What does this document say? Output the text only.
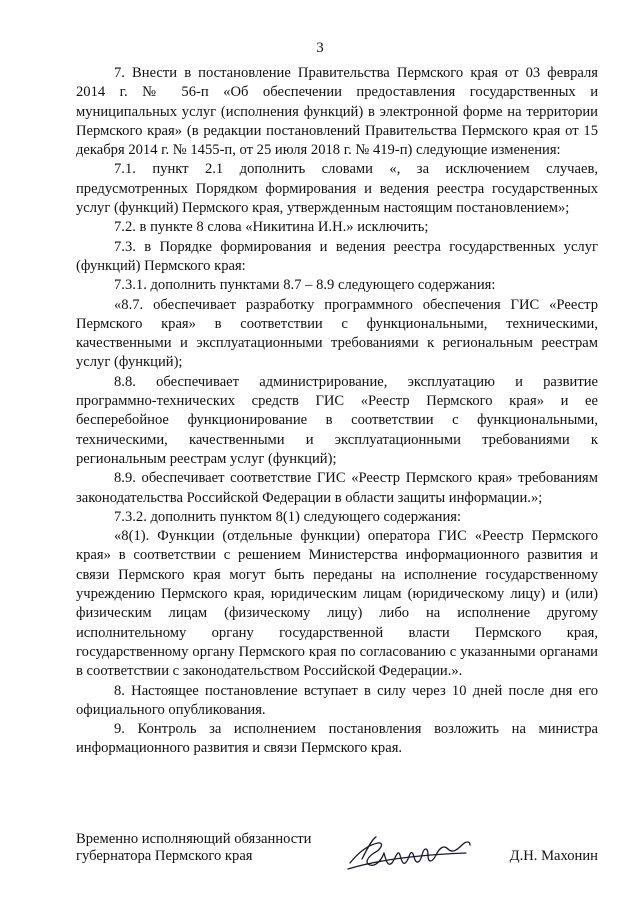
3

7. Внести в постановление Правительства Пермского края от 03 февраля 2014 г. № 56-п «Об обеспечении предоставления государственных и муниципальных услуг (исполнения функций) в электронной форме на территории Пермского края» (в редакции постановлений Правительства Пермского края от 15 декабря 2014 г. № 1455-п, от 25 июля 2018 г. № 419-п) следующие изменения:

7.1. пункт 2.1 дополнить словами «, за исключением случаев, предусмотренных Порядком формирования и ведения реестра государственных услуг (функций) Пермского края, утвержденным настоящим постановлением»;

7.2. в пункте 8 слова «Никитина И.Н.» исключить;

7.3. в Порядке формирования и ведения реестра государственных услуг (функций) Пермского края:

7.3.1. дополнить пунктами 8.7 – 8.9 следующего содержания:

«8.7. обеспечивает разработку программного обеспечения ГИС «Реестр Пермского края» в соответствии с функциональными, техническими, качественными и эксплуатационными требованиями к региональным реестрам услуг (функций);

8.8. обеспечивает администрирование, эксплуатацию и развитие программно-технических средств ГИС «Реестр Пермского края» и ее бесперебойное функционирование в соответствии с функциональными, техническими, качественными и эксплуатационными требованиями к региональным реестрам услуг (функций);

8.9. обеспечивает соответствие ГИС «Реестр Пермского края» требованиям законодательства Российской Федерации в области защиты информации.»;

7.3.2. дополнить пунктом 8(1) следующего содержания:

«8(1). Функции (отдельные функции) оператора ГИС «Реестр Пермского края» в соответствии с решением Министерства информационного развития и связи Пермского края могут быть переданы на исполнение государственному учреждению Пермского края, юридическим лицам (юридическому лицу) и (или) физическим лицам (физическому лицу) либо на исполнение другому исполнительному органу государственной власти Пермского края, государственному органу Пермского края по согласованию с указанными органами в соответствии с законодательством Российской Федерации.».

8. Настоящее постановление вступает в силу через 10 дней после дня его официального опубликования.

9. Контроль за исполнением постановления возложить на министра информационного развития и связи Пермского края.

Временно исполняющий обязанности
губернатора Пермского края	Д.Н. Махонин
